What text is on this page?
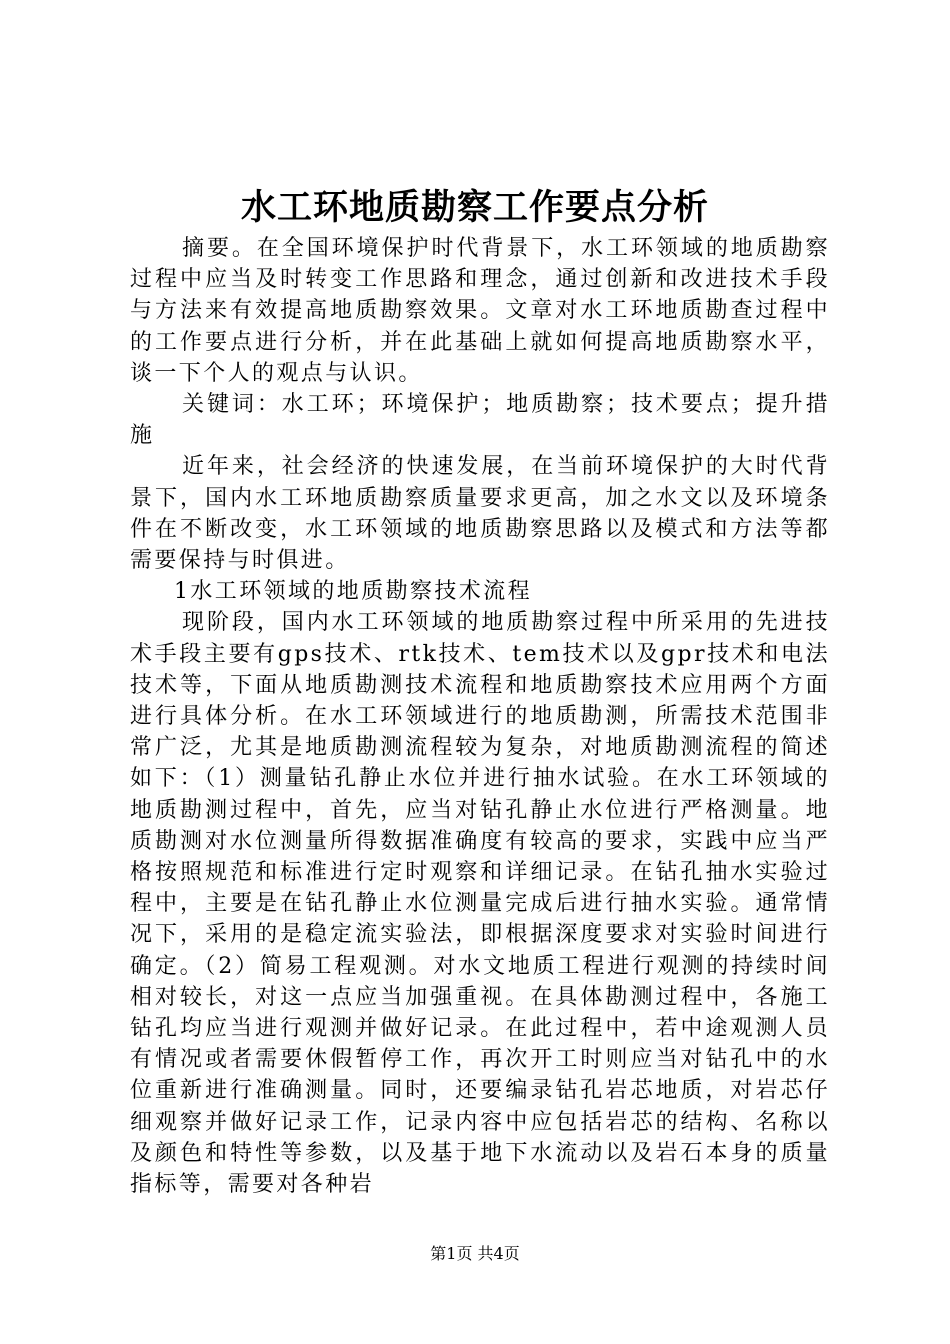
水工环地质勘察工作要点分析

摘要。在全国环境保护时代背景下，水工环领域的地质勘察过程中应当及时转变工作思路和理念，通过创新和改进技术手段与方法来有效提高地质勘察效果。文章对水工环地质勘查过程中的工作要点进行分析，并在此基础上就如何提高地质勘察水平，谈一下个人的观点与认识。

关键词：水工环；环境保护；地质勘察；技术要点；提升措施

近年来，社会经济的快速发展，在当前环境保护的大时代背景下，国内水工环地质勘察质量要求更高，加之水文以及环境条件在不断改变，水工环领域的地质勘察思路以及模式和方法等都需要保持与时俱进。

1水工环领域的地质勘察技术流程

现阶段，国内水工环领域的地质勘察过程中所采用的先进技术手段主要有gps技术、rtk技术、tem技术以及gpr技术和电法技术等，下面从地质勘测技术流程和地质勘察技术应用两个方面进行具体分析。在水工环领域进行的地质勘测，所需技术范围非常广泛，尤其是地质勘测流程较为复杂，对地质勘测流程的简述如下：（1）测量钻孔静止水位并进行抽水试验。在水工环领域的地质勘测过程中，首先，应当对钻孔静止水位进行严格测量。地质勘测对水位测量所得数据准确度有较高的要求，实践中应当严格按照规范和标准进行定时观察和详细记录。在钻孔抽水实验过程中，主要是在钻孔静止水位测量完成后进行抽水实验。通常情况下，采用的是稳定流实验法，即根据深度要求对实验时间进行确定。（2）简易工程观测。对水文地质工程进行观测的持续时间相对较长，对这一点应当加强重视。在具体勘测过程中，各施工钻孔均应当进行观测并做好记录。在此过程中，若中途观测人员有情况或者需要休假暂停工作，再次开工时则应当对钻孔中的水位重新进行准确测量。同时，还要编录钻孔岩芯地质，对岩芯仔细观察并做好记录工作，记录内容中应包括岩芯的结构、名称以及颜色和特性等参数，以及基于地下水流动以及岩石本身的质量指标等，需要对各种岩

第1页 共4页
